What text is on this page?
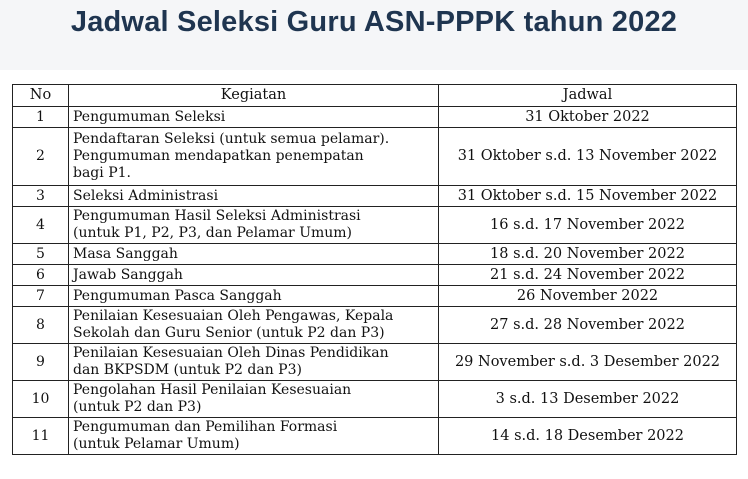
Jadwal Seleksi Guru ASN-PPPK tahun 2022
No	Kegiatan	Jadwal
1	Pengumuman Seleksi	31 Oktober 2022
2	Pendaftaran Seleksi (untuk semua pelamar).
Pengumuman mendapatkan penempatan
bagi P1.	31 Oktober s.d. 13 November 2022
3	Seleksi Administrasi	31 Oktober s.d. 15 November 2022
4	Pengumuman Hasil Seleksi Administrasi
(untuk P1, P2, P3, dan Pelamar Umum)	16 s.d. 17 November 2022
5	Masa Sanggah	18 s.d. 20 November 2022
6	Jawab Sanggah	21 s.d. 24 November 2022
7	Pengumuman Pasca Sanggah	26 November 2022
8	Penilaian Kesesuaian Oleh Pengawas, Kepala
Sekolah dan Guru Senior (untuk P2 dan P3)	27 s.d. 28 November 2022
9	Penilaian Kesesuaian Oleh Dinas Pendidikan
dan BKPSDM (untuk P2 dan P3)	29 November s.d. 3 Desember 2022
10	Pengolahan Hasil Penilaian Kesesuaian
(untuk P2 dan P3)	3 s.d. 13 Desember 2022
11	Pengumuman dan Pemilihan Formasi
(untuk Pelamar Umum)	14 s.d. 18 Desember 2022
